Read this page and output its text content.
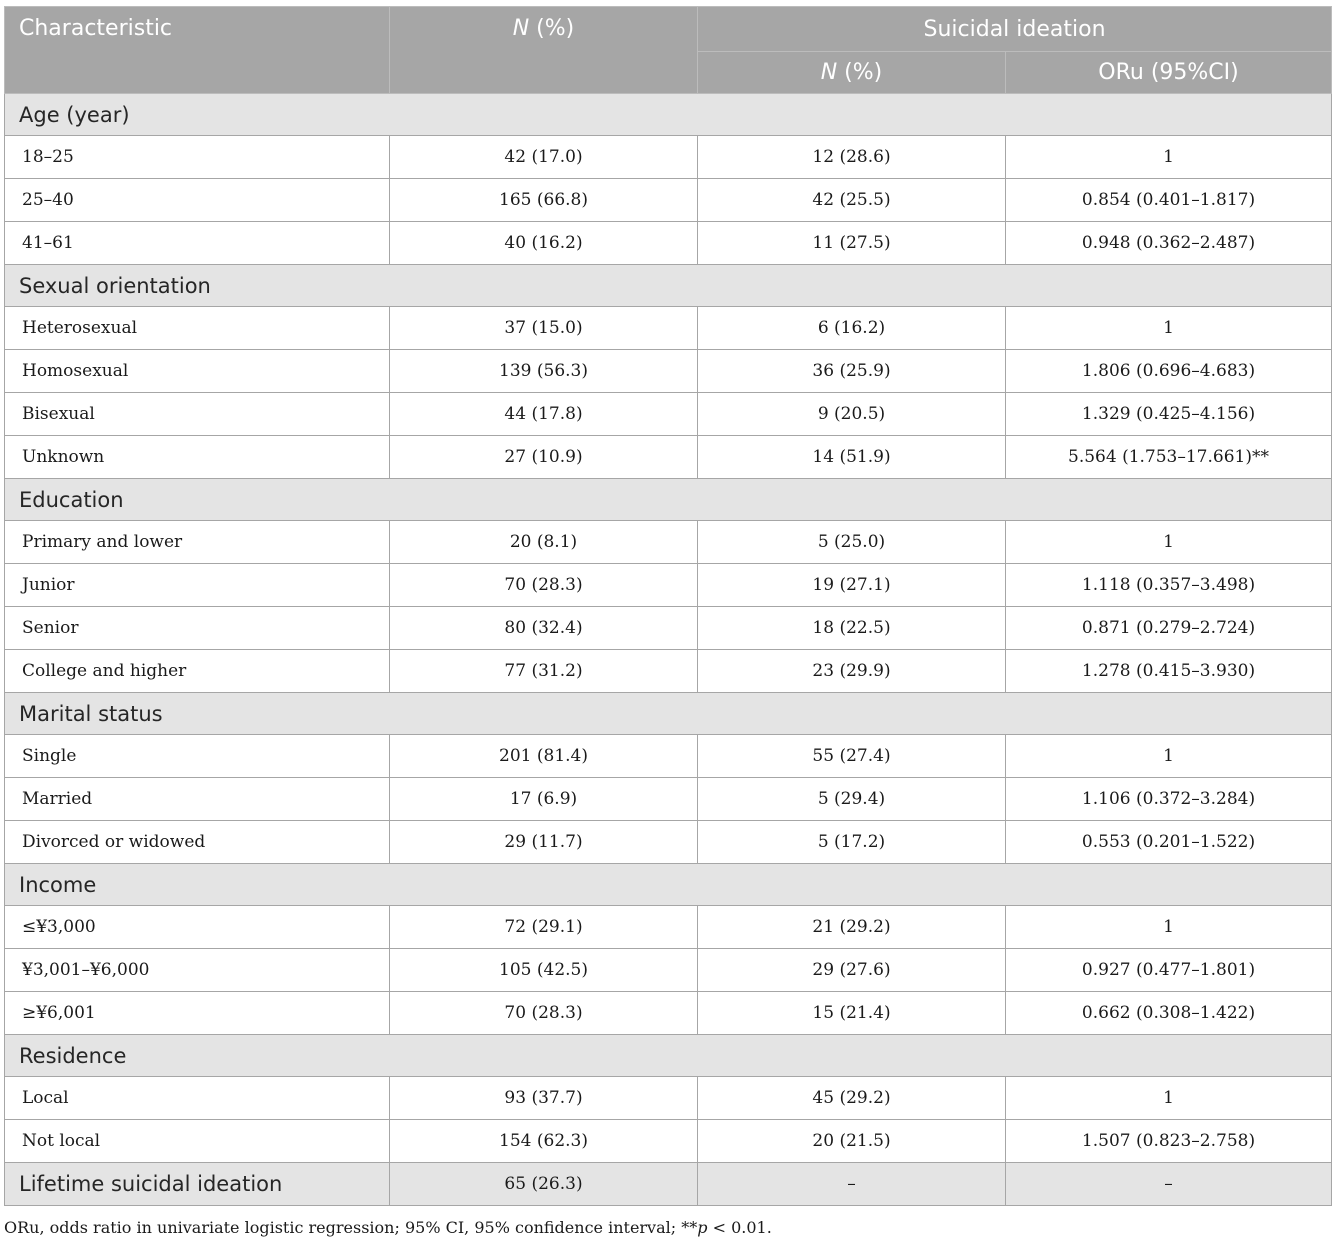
Characteristic	N (%)	Suicidal ideation	
		N (%)	ORu (95%CI)
Age (year)			
18–25	42 (17.0)	12 (28.6)	1
25–40	165 (66.8)	42 (25.5)	0.854 (0.401–1.817)
41–61	40 (16.2)	11 (27.5)	0.948 (0.362–2.487)
Sexual orientation			
Heterosexual	37 (15.0)	6 (16.2)	1
Homosexual	139 (56.3)	36 (25.9)	1.806 (0.696–4.683)
Bisexual	44 (17.8)	9 (20.5)	1.329 (0.425–4.156)
Unknown	27 (10.9)	14 (51.9)	5.564 (1.753–17.661)**
Education			
Primary and lower	20 (8.1)	5 (25.0)	1
Junior	70 (28.3)	19 (27.1)	1.118 (0.357–3.498)
Senior	80 (32.4)	18 (22.5)	0.871 (0.279–2.724)
College and higher	77 (31.2)	23 (29.9)	1.278 (0.415–3.930)
Marital status			
Single	201 (81.4)	55 (27.4)	1
Married	17 (6.9)	5 (29.4)	1.106 (0.372–3.284)
Divorced or widowed	29 (11.7)	5 (17.2)	0.553 (0.201–1.522)
Income			
≤¥3,000	72 (29.1)	21 (29.2)	1
¥3,001–¥6,000	105 (42.5)	29 (27.6)	0.927 (0.477–1.801)
≥¥6,001	70 (28.3)	15 (21.4)	0.662 (0.308–1.422)
Residence			
Local	93 (37.7)	45 (29.2)	1
Not local	154 (62.3)	20 (21.5)	1.507 (0.823–2.758)
Lifetime suicidal ideation	65 (26.3)	–	–
ORu, odds ratio in univariate logistic regression; 95% CI, 95% confidence interval; **p < 0.01.
